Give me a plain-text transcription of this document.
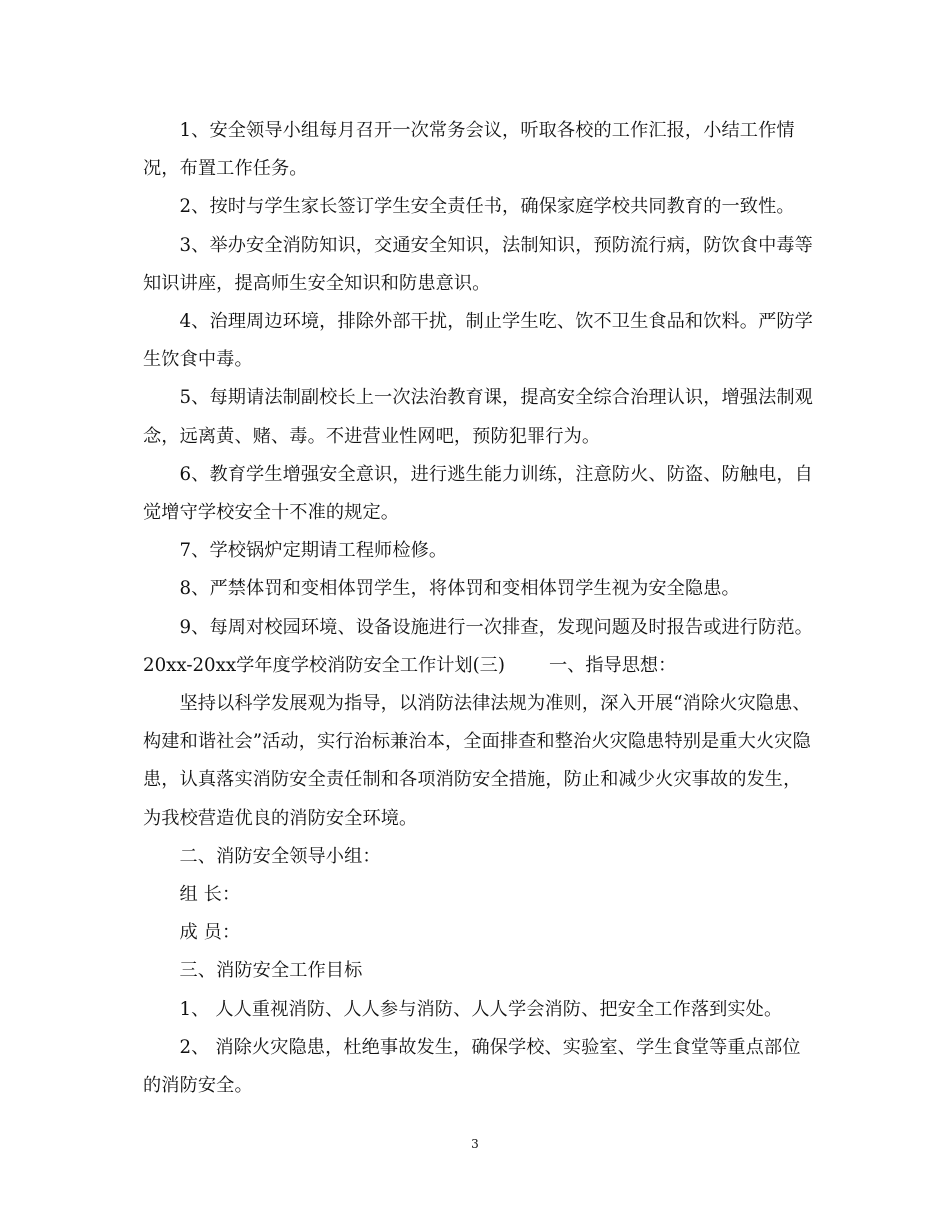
1、安全领导小组每月召开一次常务会议，听取各校的工作汇报，小结工作情况，布置工作任务。

2、按时与学生家长签订学生安全责任书，确保家庭学校共同教育的一致性。

3、举办安全消防知识，交通安全知识，法制知识，预防流行病，防饮食中毒等知识讲座，提高师生安全知识和防患意识。

4、治理周边环境，排除外部干扰，制止学生吃、饮不卫生食品和饮料。严防学生饮食中毒。

5、每期请法制副校长上一次法治教育课，提高安全综合治理认识，增强法制观念，远离黄、赌、毒。不进营业性网吧，预防犯罪行为。

6、教育学生增强安全意识，进行逃生能力训练，注意防火、防盗、防触电，自觉增守学校安全十不准的规定。

7、学校锅炉定期请工程师检修。

8、严禁体罚和变相体罚学生，将体罚和变相体罚学生视为安全隐患。

9、每周对校园环境、设备设施进行一次排查，发现问题及时报告或进行防范。

20xx-20xx学年度学校消防安全工作计划(三) 一、指导思想：

坚持以科学发展观为指导，以消防法律法规为准则，深入开展“消除火灾隐患、构建和谐社会”活动，实行治标兼治本，全面排查和整治火灾隐患特别是重大火灾隐患，认真落实消防安全责任制和各项消防安全措施，防止和减少火灾事故的发生，为我校营造优良的消防安全环境。

二、消防安全领导小组：

组 长：

成 员：

三、消防安全工作目标

1、 人人重视消防、人人参与消防、人人学会消防、把安全工作落到实处。

2、 消除火灾隐患，杜绝事故发生，确保学校、实验室、学生食堂等重点部位的消防安全。

3
